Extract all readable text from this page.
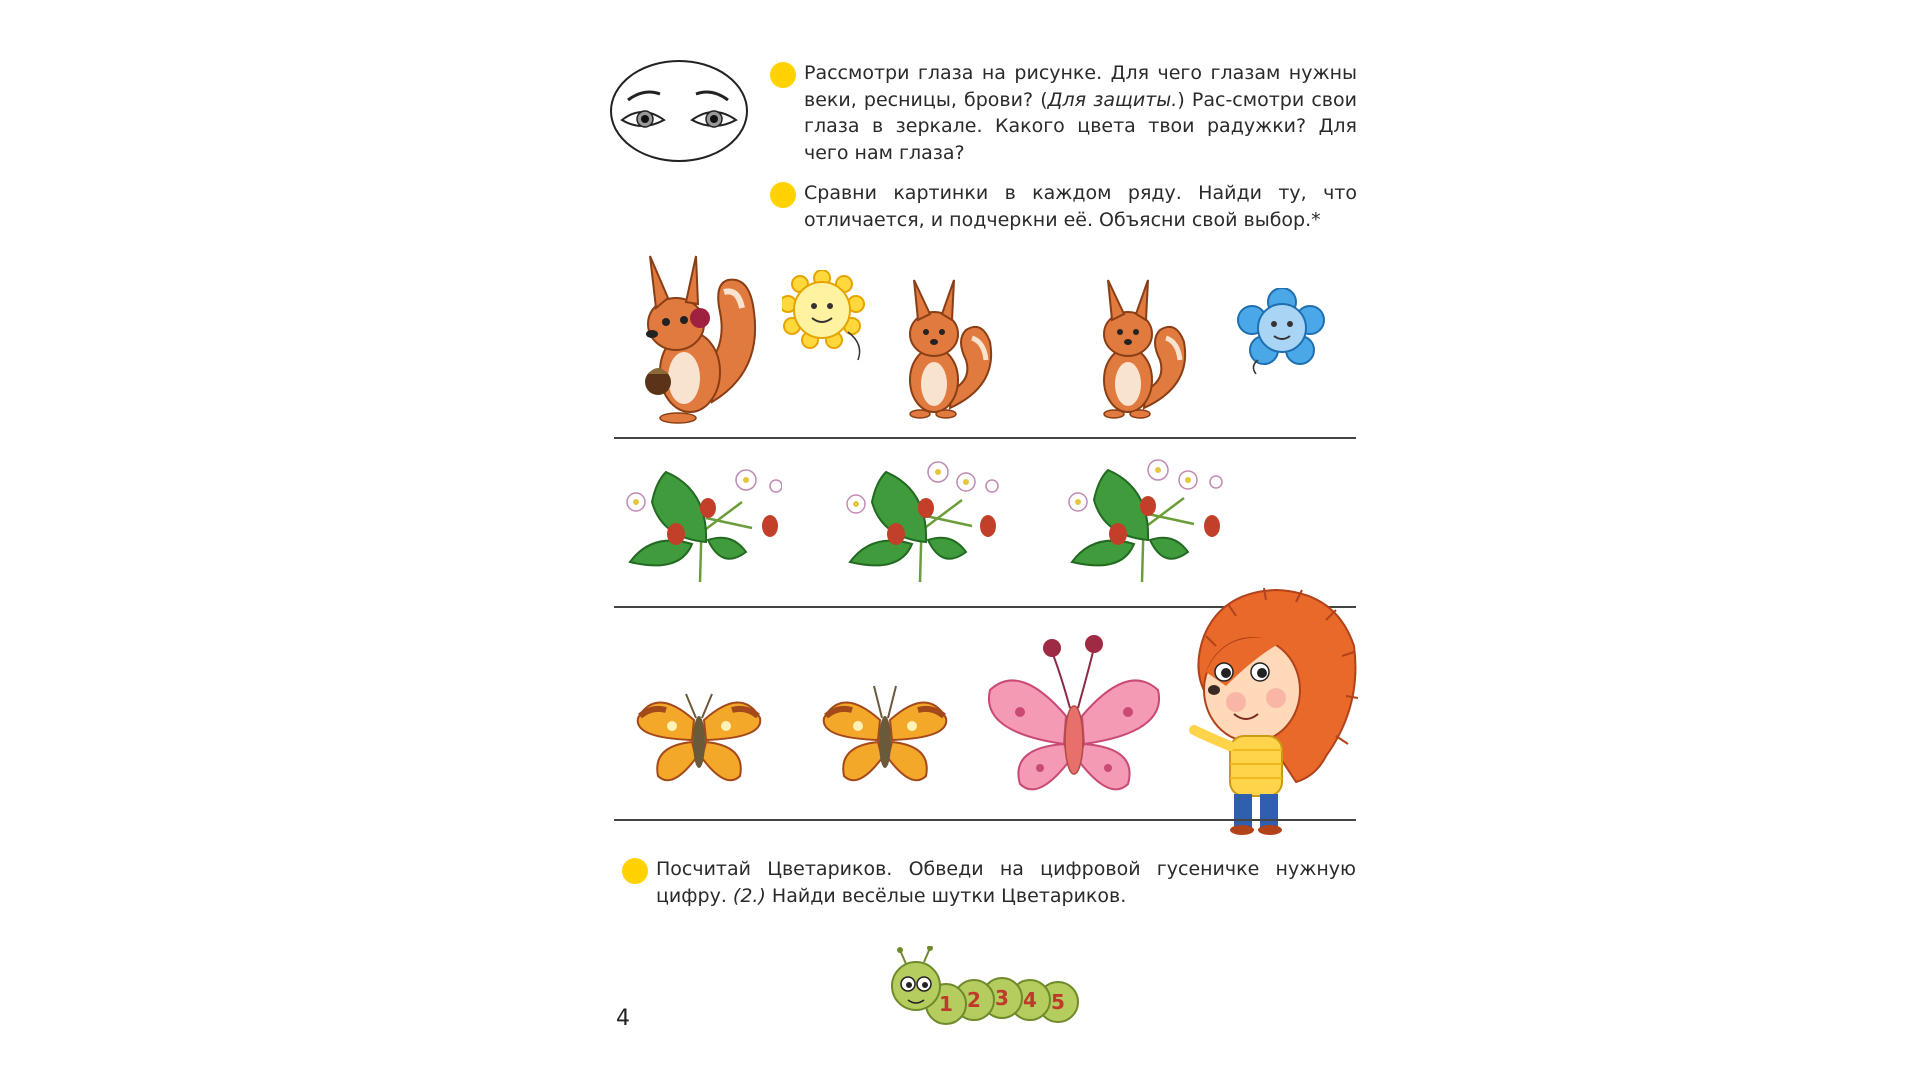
Рассмотри глаза на рисунке. Для чего глазам нужны веки, ресницы, брови? (Для защиты.) Рас-смотри свои глаза в зеркале. Какого цвета твои радужки? Для чего нам глаза?
Сравни картинки в каждом ряду. Найди ту, что отличается, и подчеркни её. Объясни свой выбор.*
Посчитай Цветариков. Обведи на цифровой гусеничке нужную цифру. (2.) Найди весёлые шутки Цветариков.
1 2 3 4 5
4
